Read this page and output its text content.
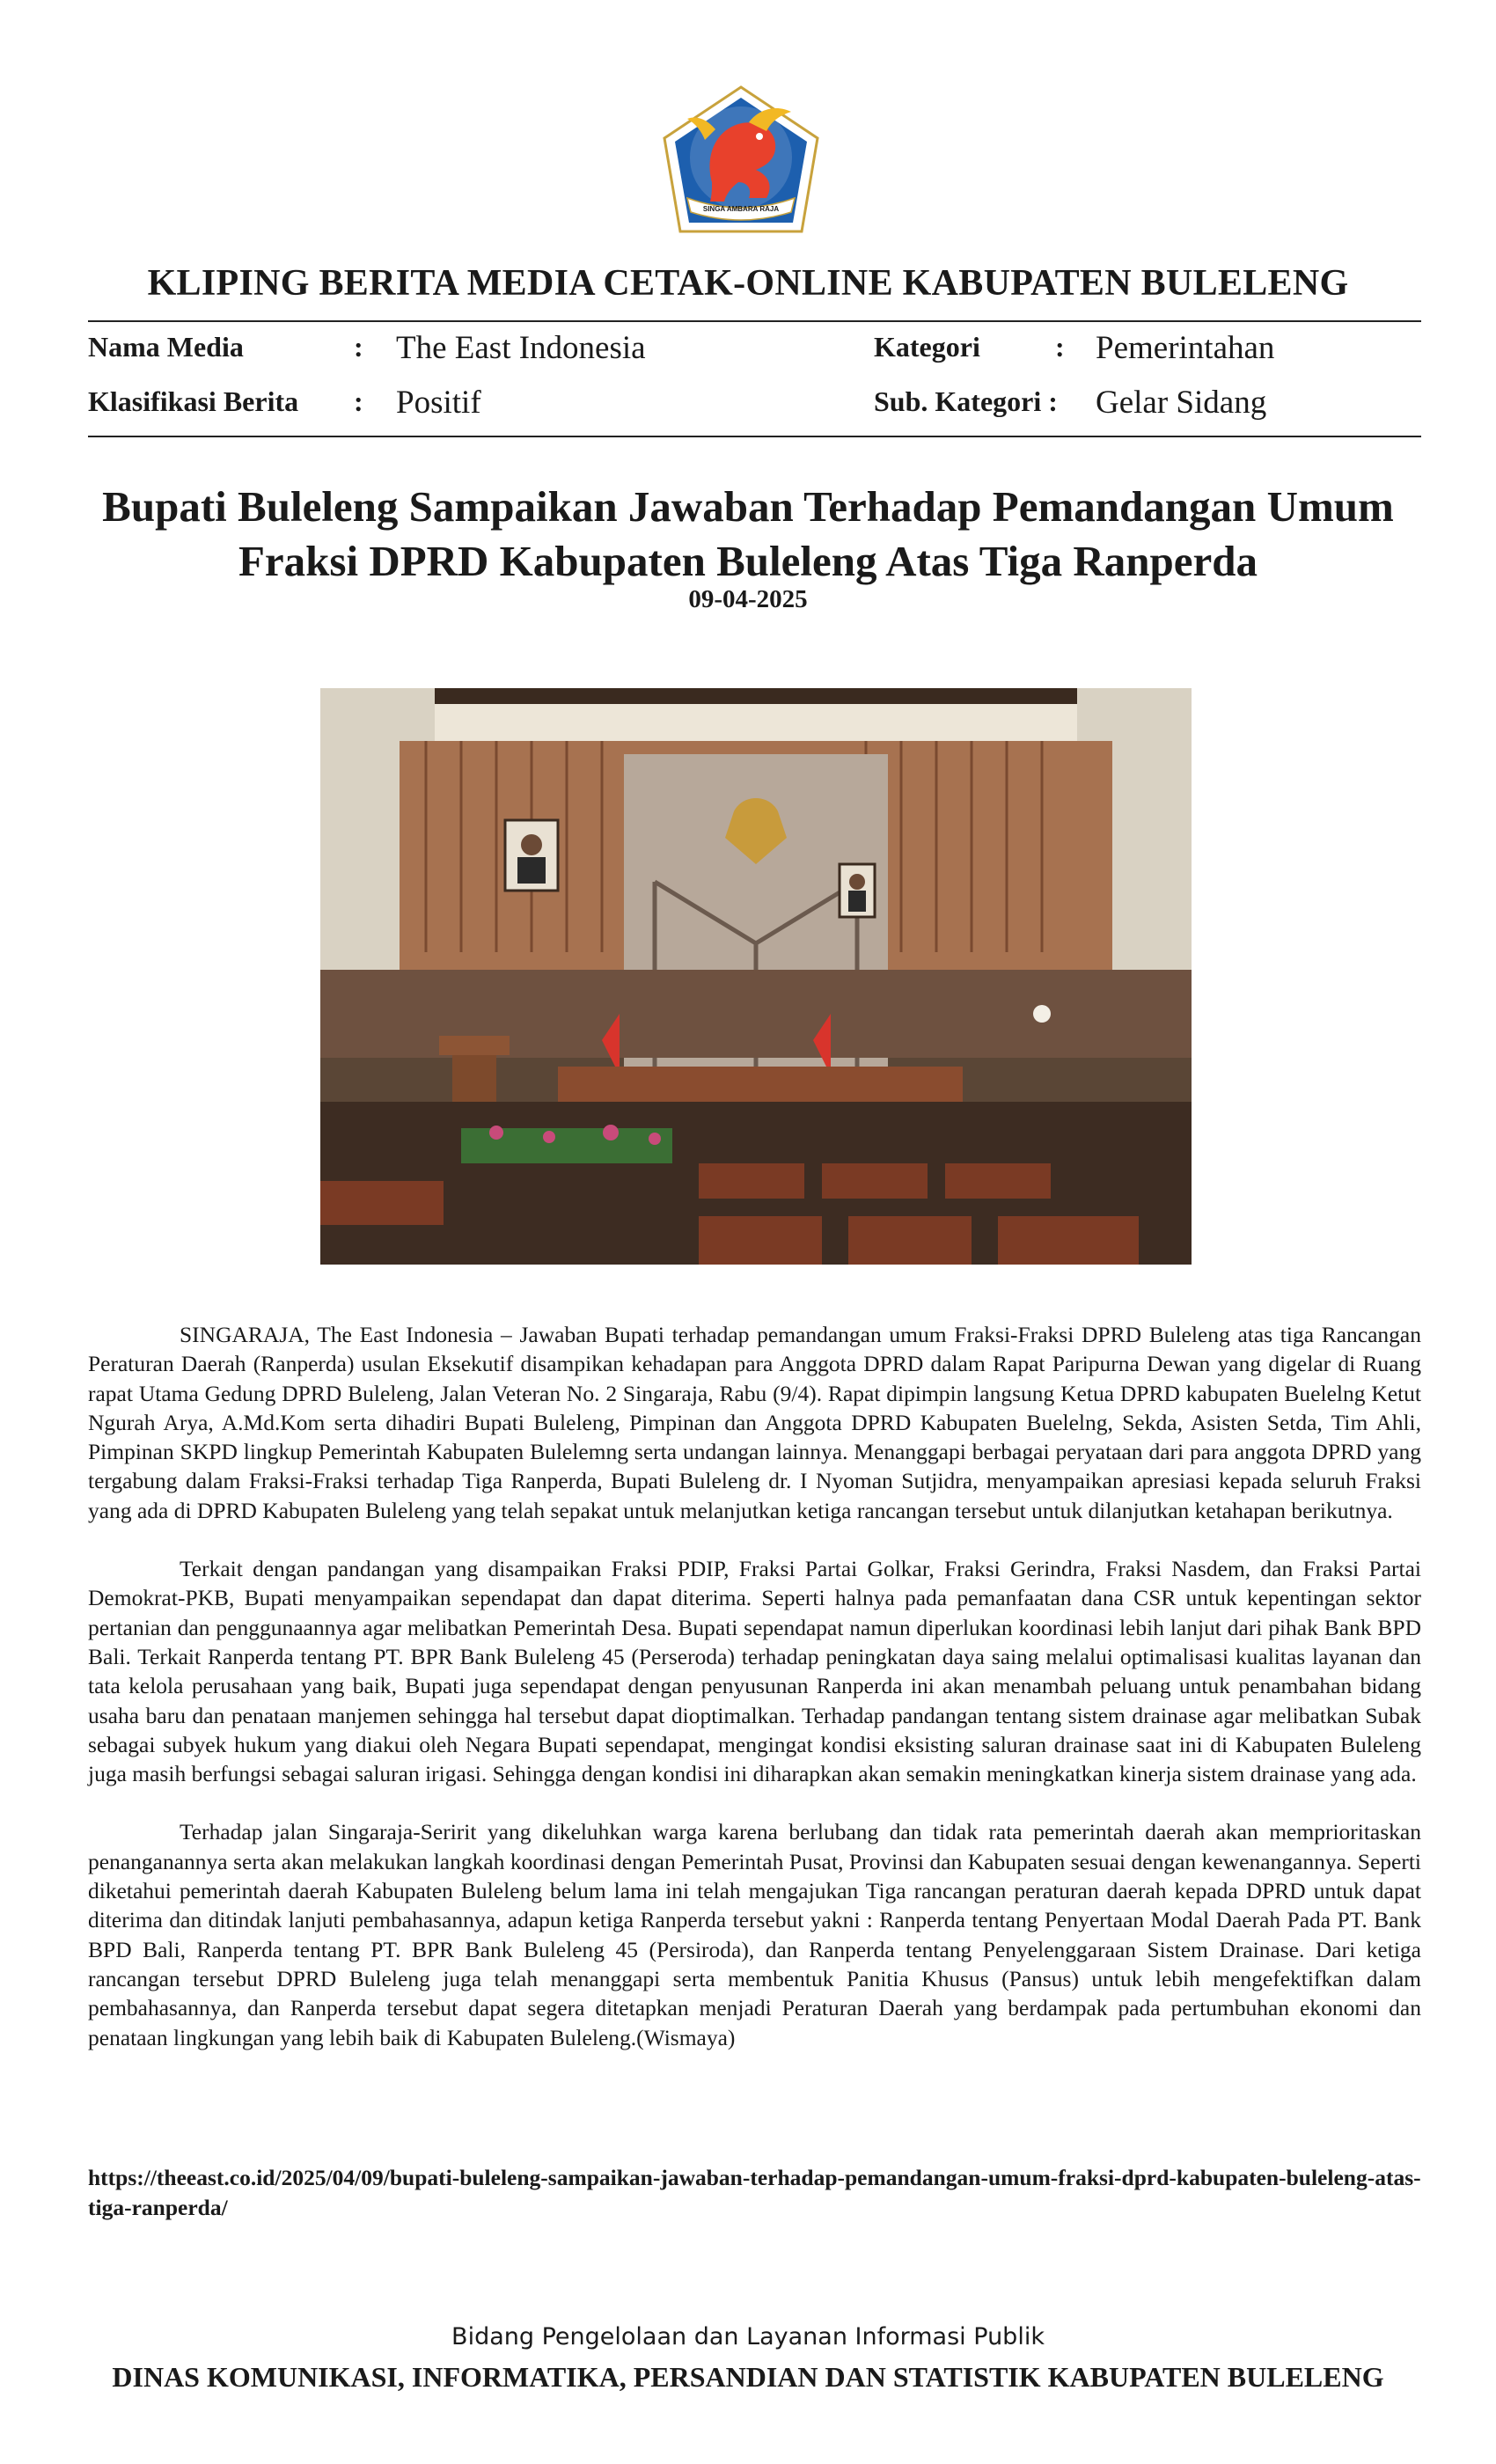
SINGA AMBARA RAJA
KLIPING BERITA MEDIA CETAK-ONLINE KABUPATEN BULELENG
Nama Media	: The East Indonesia
Klasifikasi Berita : Positif
Kategori	: Pemerintahan
Sub. Kategori : Gelar Sidang
Bupati Buleleng Sampaikan Jawaban Terhadap Pemandangan Umum
Fraksi DPRD Kabupaten Buleleng Atas Tiga Ranperda
09-04-2025

SINGARAJA, The East Indonesia – Jawaban Bupati terhadap pemandangan umum Fraksi-Fraksi DPRD Buleleng atas tiga Rancangan Peraturan Daerah (Ranperda) usulan Eksekutif disampikan kehadapan para Anggota DPRD dalam Rapat Paripurna Dewan yang digelar di Ruang rapat Utama Gedung DPRD Buleleng, Jalan Veteran No. 2 Singaraja, Rabu (9/4). Rapat dipimpin langsung Ketua DPRD kabupaten Buelelng Ketut Ngurah Arya, A.Md.Kom serta dihadiri Bupati Buleleng, Pimpinan dan Anggota DPRD Kabupaten Buelelng, Sekda, Asisten Setda, Tim Ahli, Pimpinan SKPD lingkup Pemerintah Kabupaten Bulelemng serta undangan lainnya. Menanggapi berbagai peryataan dari para anggota DPRD yang tergabung dalam Fraksi-Fraksi terhadap Tiga Ranperda, Bupati Buleleng dr. I Nyoman Sutjidra, menyampaikan apresiasi kepada seluruh Fraksi yang ada di DPRD Kabupaten Buleleng yang telah sepakat untuk melanjutkan ketiga rancangan tersebut untuk dilanjutkan ketahapan berikutnya.

Terkait dengan pandangan yang disampaikan Fraksi PDIP, Fraksi Partai Golkar, Fraksi Gerindra, Fraksi Nasdem, dan Fraksi Partai Demokrat-PKB, Bupati menyampaikan sependapat dan dapat diterima. Seperti halnya pada pemanfaatan dana CSR untuk kepentingan sektor pertanian dan penggunaannya agar melibatkan Pemerintah Desa. Bupati sependapat namun diperlukan koordinasi lebih lanjut dari pihak Bank BPD Bali. Terkait Ranperda tentang PT. BPR Bank Buleleng 45 (Perseroda) terhadap peningkatan daya saing melalui optimalisasi kualitas layanan dan tata kelola perusahaan yang baik, Bupati juga sependapat dengan penyusunan Ranperda ini akan menambah peluang untuk penambahan bidang usaha baru dan penataan manjemen sehingga hal tersebut dapat dioptimalkan. Terhadap pandangan tentang sistem drainase agar melibatkan Subak sebagai subyek hukum yang diakui oleh Negara Bupati sependapat, mengingat kondisi eksisting saluran drainase saat ini di Kabupaten Buleleng juga masih berfungsi sebagai saluran irigasi. Sehingga dengan kondisi ini diharapkan akan semakin meningkatkan kinerja sistem drainase yang ada.

Terhadap jalan Singaraja-Seririt yang dikeluhkan warga karena berlubang dan tidak rata pemerintah daerah akan memprioritaskan penanganannya serta akan melakukan langkah koordinasi dengan Pemerintah Pusat, Provinsi dan Kabupaten sesuai dengan kewenangannya. Seperti diketahui pemerintah daerah Kabupaten Buleleng belum lama ini telah mengajukan Tiga rancangan peraturan daerah kepada DPRD untuk dapat diterima dan ditindak lanjuti pembahasannya, adapun ketiga Ranperda tersebut yakni : Ranperda tentang Penyertaan Modal Daerah Pada PT. Bank BPD Bali, Ranperda tentang PT. BPR Bank Buleleng 45 (Persiroda), dan Ranperda tentang Penyelenggaraan Sistem Drainase. Dari ketiga rancangan tersebut DPRD Buleleng juga telah menanggapi serta membentuk Panitia Khusus (Pansus) untuk lebih mengefektifkan dalam pembahasannya, dan Ranperda tersebut dapat segera ditetapkan menjadi Peraturan Daerah yang berdampak pada pertumbuhan ekonomi dan penataan lingkungan yang lebih baik di Kabupaten Buleleng.(Wismaya)

https://theeast.co.id/2025/04/09/bupati-buleleng-sampaikan-jawaban-terhadap-pemandangan-umum-fraksi-dprd-kabupaten-buleleng-atas-tiga-ranperda/
Bidang Pengelolaan dan Layanan Informasi Publik
DINAS KOMUNIKASI, INFORMATIKA, PERSANDIAN DAN STATISTIK KABUPATEN BULELENG
